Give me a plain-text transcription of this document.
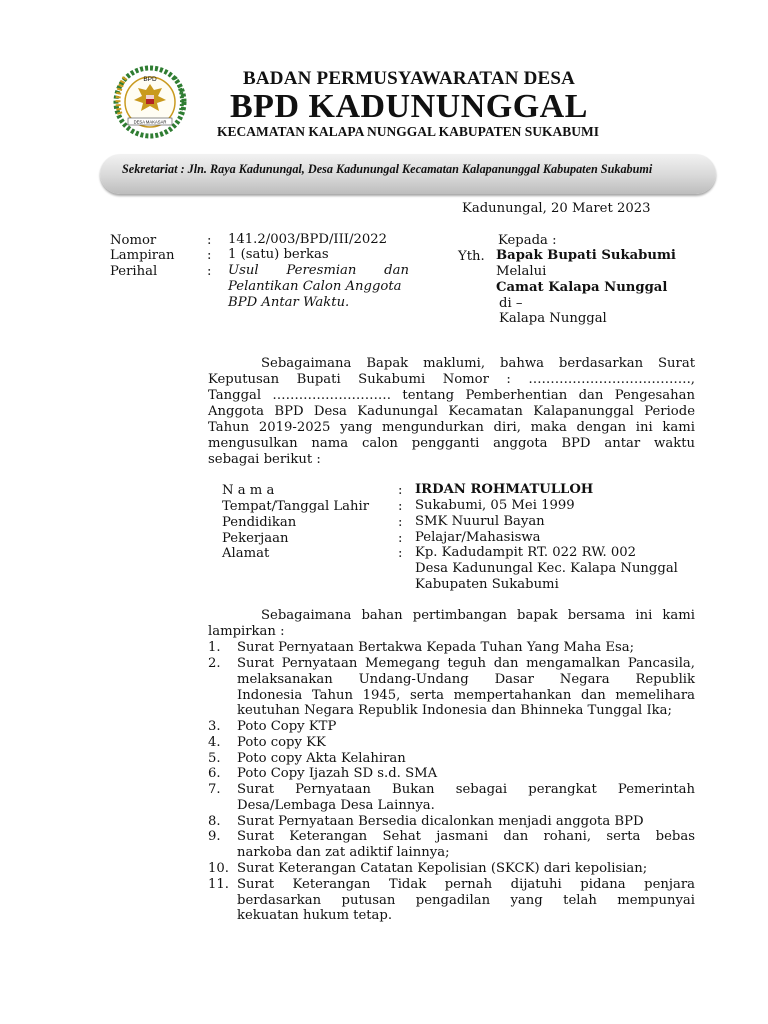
BPD
DESA MAKASAR
BADAN PERMUSYAWARATAN DESA
BPD KADUNUNGGAL
KECAMATAN KALAPA NUNGGAL KABUPATEN SUKABUMI
Sekretariat : Jln. Raya Kadunungal, Desa Kadunungal Kecamatan Kalapanunggal Kabupaten Sukabumi
Kadunungal, 20 Maret 2023
Nomor	: 141.2/003/BPD/III/2022
Lampiran : 1 (satu) berkas
Perihal	: Usul Peresmian dan
Pelantikan Calon Anggota
BPD Antar Waktu.
Kepada :
Yth. Bapak Bupati Sukabumi
Melalui
Camat Kalapa Nunggal
di –
Kalapa Nunggal
Sebagaimana Bapak maklumi, bahwa berdasarkan Surat
Keputusan Bupati Sukabumi Nomor : ……………………………….,
Tanggal ……………………… tentang Pemberhentian dan Pengesahan
Anggota BPD Desa Kadunungal Kecamatan Kalapanunggal Periode
Tahun 2019-2025 yang mengundurkan diri, maka dengan ini kami
mengusulkan nama calon pengganti anggota BPD antar waktu
sebagai berikut :
N a m a	: IRDAN ROHMATULLOH
Tempat/Tanggal Lahir : Sukabumi, 05 Mei 1999
Pendidikan	: SMK Nuurul Bayan
Pekerjaan	: Pelajar/Mahasiswa
Alamat	: Kp. Kadudampit RT. 022 RW. 002
Desa Kadunungal Kec. Kalapa Nunggal
Kabupaten Sukabumi
Sebagaimana bahan pertimbangan bapak bersama ini kami
lampirkan :
1. Surat Pernyataan Bertakwa Kepada Tuhan Yang Maha Esa;
2. Surat Pernyataan Memegang teguh dan mengamalkan Pancasila,
melaksanakan Undang-Undang Dasar Negara Republik
Indonesia Tahun 1945, serta mempertahankan dan memelihara
keutuhan Negara Republik Indonesia dan Bhinneka Tunggal Ika;
3. Poto Copy KTP
4. Poto copy KK
5. Poto copy Akta Kelahiran
6. Poto Copy Ijazah SD s.d. SMA
7. Surat Pernyataan Bukan sebagai perangkat Pemerintah
Desa/Lembaga Desa Lainnya.
8. Surat Pernyataan Bersedia dicalonkan menjadi anggota BPD
9. Surat Keterangan Sehat jasmani dan rohani, serta bebas
narkoba dan zat adiktif lainnya;
10. Surat Keterangan Catatan Kepolisian (SKCK) dari kepolisian;
11. Surat Keterangan Tidak pernah dijatuhi pidana penjara
berdasarkan putusan pengadilan yang telah mempunyai
kekuatan hukum tetap.
